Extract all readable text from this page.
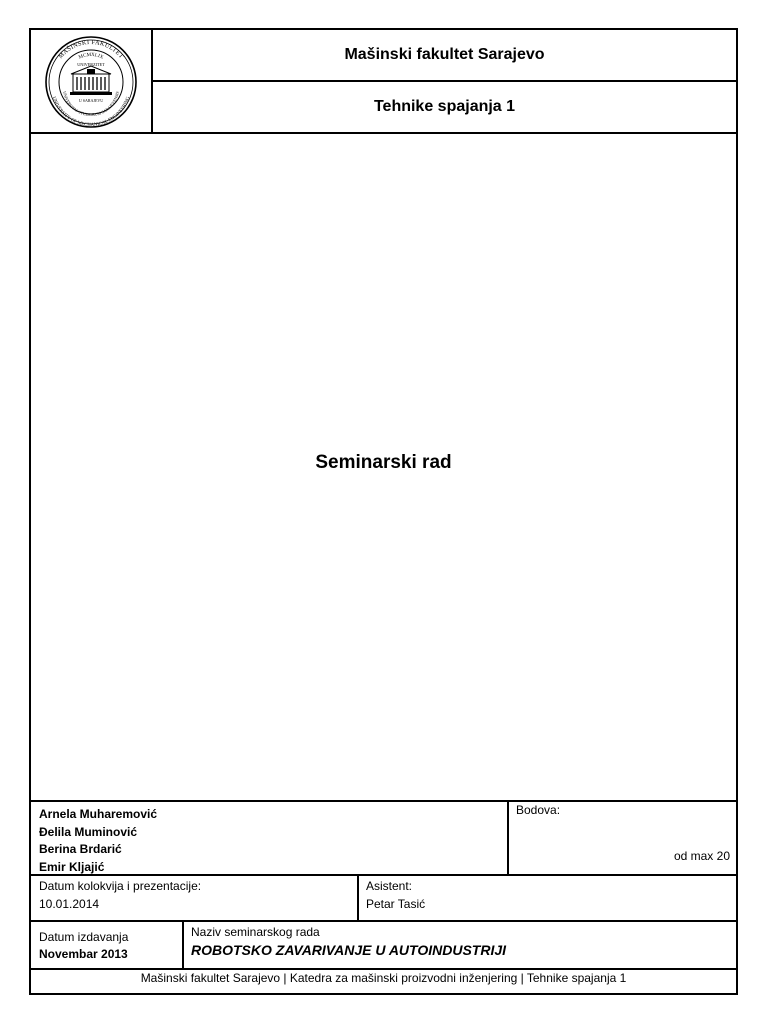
MAŠINSKI FAKULTET
UNIVERSITY OF MECHANICAL ENGINEERING
MCMXLIX
UNIVERSITAS STUDIORUM SARAJEVENSIS
UNIVERZITET
U SARAJEVU
Mašinski fakultet Sarajevo
Tehnike spajanja 1
Seminarski rad
Arnela Muharemović
Đelila Muminović
Berina Brdarić
Emir Kljajić
Bodova:
od max 20
Datum kolokvija i prezentacije:
10.01.2014
Asistent:
Petar Tasić
Datum izdavanja
Novembar 2013
Naziv seminarskog rada
ROBOTSKO ZAVARIVANJE U AUTOINDUSTRIJI
Mašinski fakultet Sarajevo | Katedra za mašinski proizvodni inženjering | Tehnike spajanja 1
